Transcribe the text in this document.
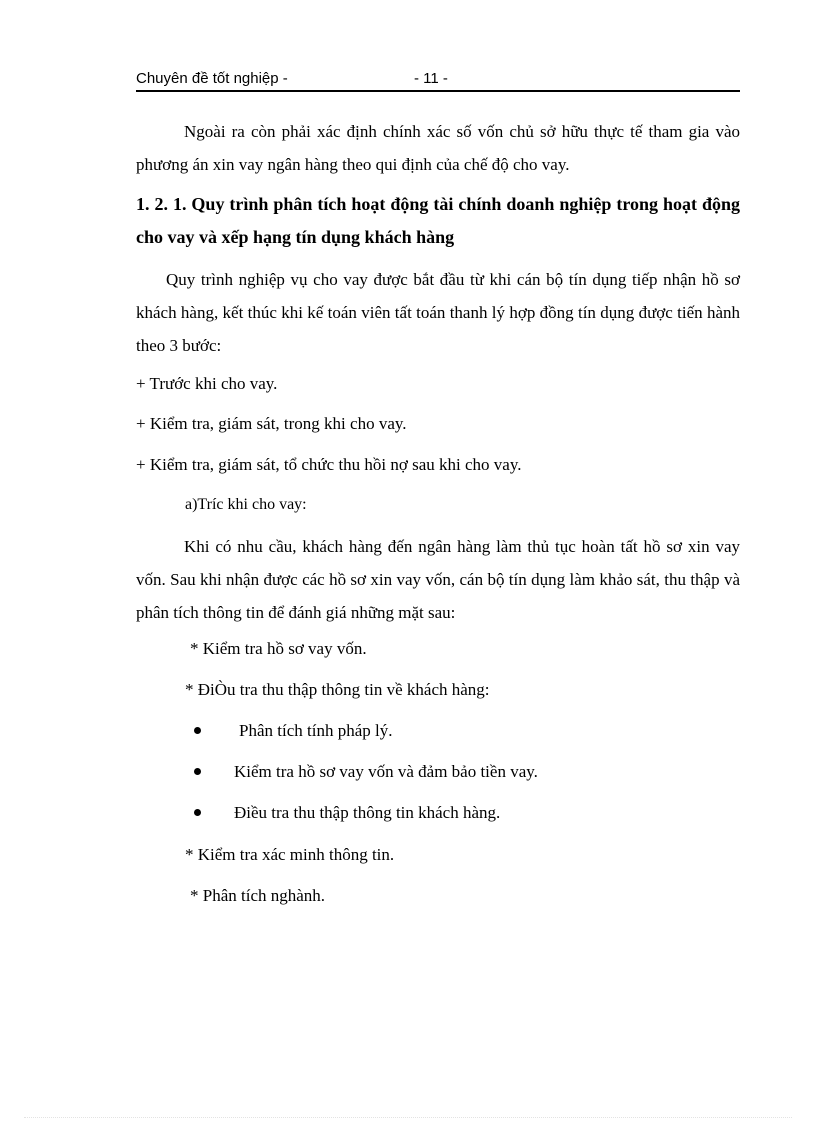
Chuyên đề tốt nghiệp -	- 11 -
Ngoài ra còn phải xác định chính xác số vốn chủ sở hữu thực tế tham gia vào phương án xin vay ngân hàng theo qui định của chế độ cho vay.
1. 2. 1. Quy trình phân tích hoạt động tài chính doanh nghiệp trong hoạt động cho vay và xếp hạng tín dụng khách hàng
Quy trình nghiệp vụ cho vay được bắt đầu từ khi cán bộ tín dụng tiếp nhận hồ sơ khách hàng, kết thúc khi kế toán viên tất toán thanh lý hợp đồng tín dụng được tiến hành theo 3 bước:
+ Trước khi cho vay.
+ Kiểm tra, giám sát, trong khi cho vay.
+ Kiểm tra, giám sát, tổ chức thu hồi nợ sau khi cho vay.
a)Tríc khi cho vay:
Khi có nhu cầu, khách hàng đến ngân hàng làm thủ tục hoàn tất hồ sơ xin vay vốn. Sau khi nhận được các hồ sơ xin vay vốn, cán bộ tín dụng làm khảo sát, thu thập và phân tích thông tin để đánh giá những mặt sau:
* Kiểm tra hồ sơ vay vốn.
* ĐiÒu tra thu thập thông tin về khách hàng:
Phân tích tính pháp lý.
Kiểm tra hồ sơ vay vốn và đảm bảo tiền vay.
Điều tra thu thập thông tin khách hàng.
* Kiểm tra xác minh thông tin.
* Phân tích nghành.
